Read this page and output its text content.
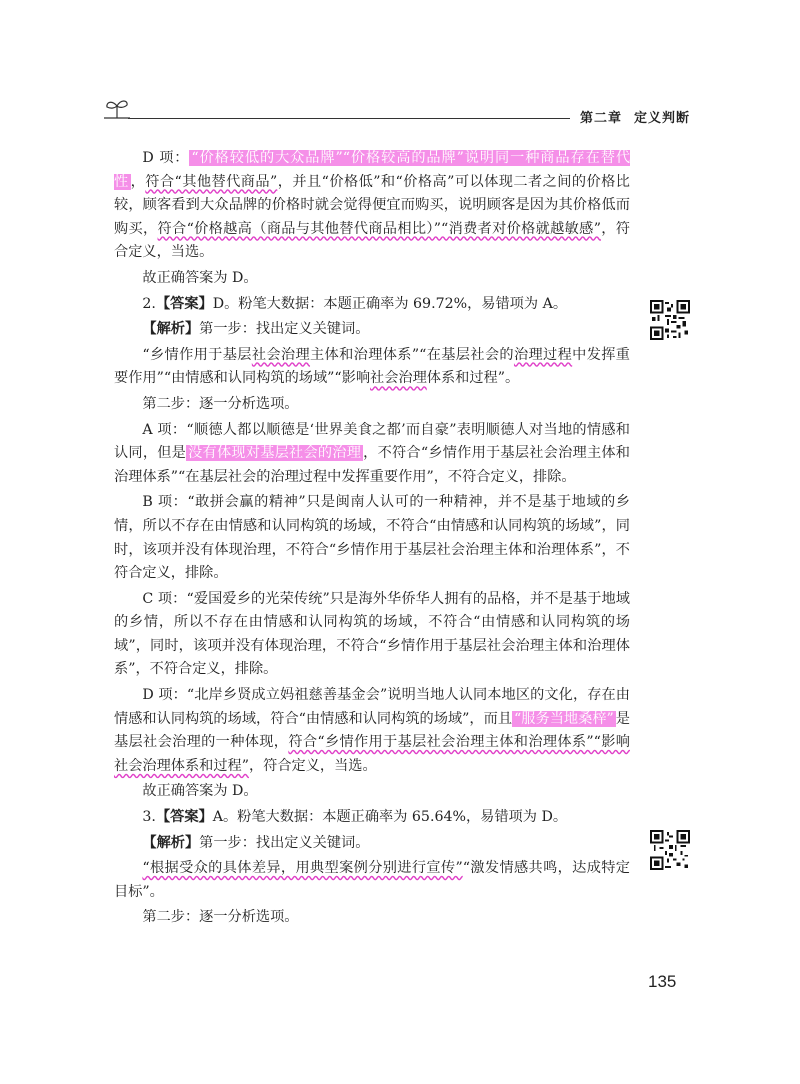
第二章 定义判断

D 项： “价格较低的大众品牌”“价格较高的品牌”说明同一种商品存在替代性 ，符合“其他替代商品”，并且“价格低”和“价格高”可以体现二者之间的价格比较，顾客看到大众品牌的价格时就会觉得便宜而购买，说明顾客是因为其价格低而购买，符合“价格越高（商品与其他替代商品相比）”“消费者对价格就越敏感”，符合定义，当选。

故正确答案为 D。

2.【答案】D。粉笔大数据：本题正确率为 69.72%，易错项为 A。

【解析】第一步：找出定义关键词。

“乡情作用于基层社会治理主体和治理体系”“在基层社会的治理过程中发挥重要作用”“由情感和认同构筑的场域”“影响社会治理体系和过程”。

第二步：逐一分析选项。

A 项：“顺德人都以顺德是‘世界美食之都’而自豪”表明顺德人对当地的情感和认同，但是 没有体现对基层社会的治理 ，不符合“乡情作用于基层社会治理主体和治理体系”“在基层社会的治理过程中发挥重要作用”，不符合定义，排除。

B 项：“敢拼会赢的精神”只是闽南人认可的一种精神，并不是基于地域的乡情，所以不存在由情感和认同构筑的场域，不符合“由情感和认同构筑的场域”，同时，该项并没有体现治理，不符合“乡情作用于基层社会治理主体和治理体系”，不符合定义，排除。

C 项：“爱国爱乡的光荣传统”只是海外华侨华人拥有的品格，并不是基于地域的乡情，所以不存在由情感和认同构筑的场域，不符合“由情感和认同构筑的场域”，同时，该项并没有体现治理，不符合“乡情作用于基层社会治理主体和治理体系”，不符合定义，排除。

D 项：“北岸乡贤成立妈祖慈善基金会”说明当地人认同本地区的文化，存在由情感和认同构筑的场域，符合“由情感和认同构筑的场域”，而且 “服务当地桑梓” 是基层社会治理的一种体现，符合“乡情作用于基层社会治理主体和治理体系”“影响社会治理体系和过程”，符合定义，当选。

故正确答案为 D。

3.【答案】A。粉笔大数据：本题正确率为 65.64%，易错项为 D。

【解析】第一步：找出定义关键词。

“根据受众的具体差异，用典型案例分别进行宣传”“激发情感共鸣，达成特定目标”。

第二步：逐一分析选项。

135
